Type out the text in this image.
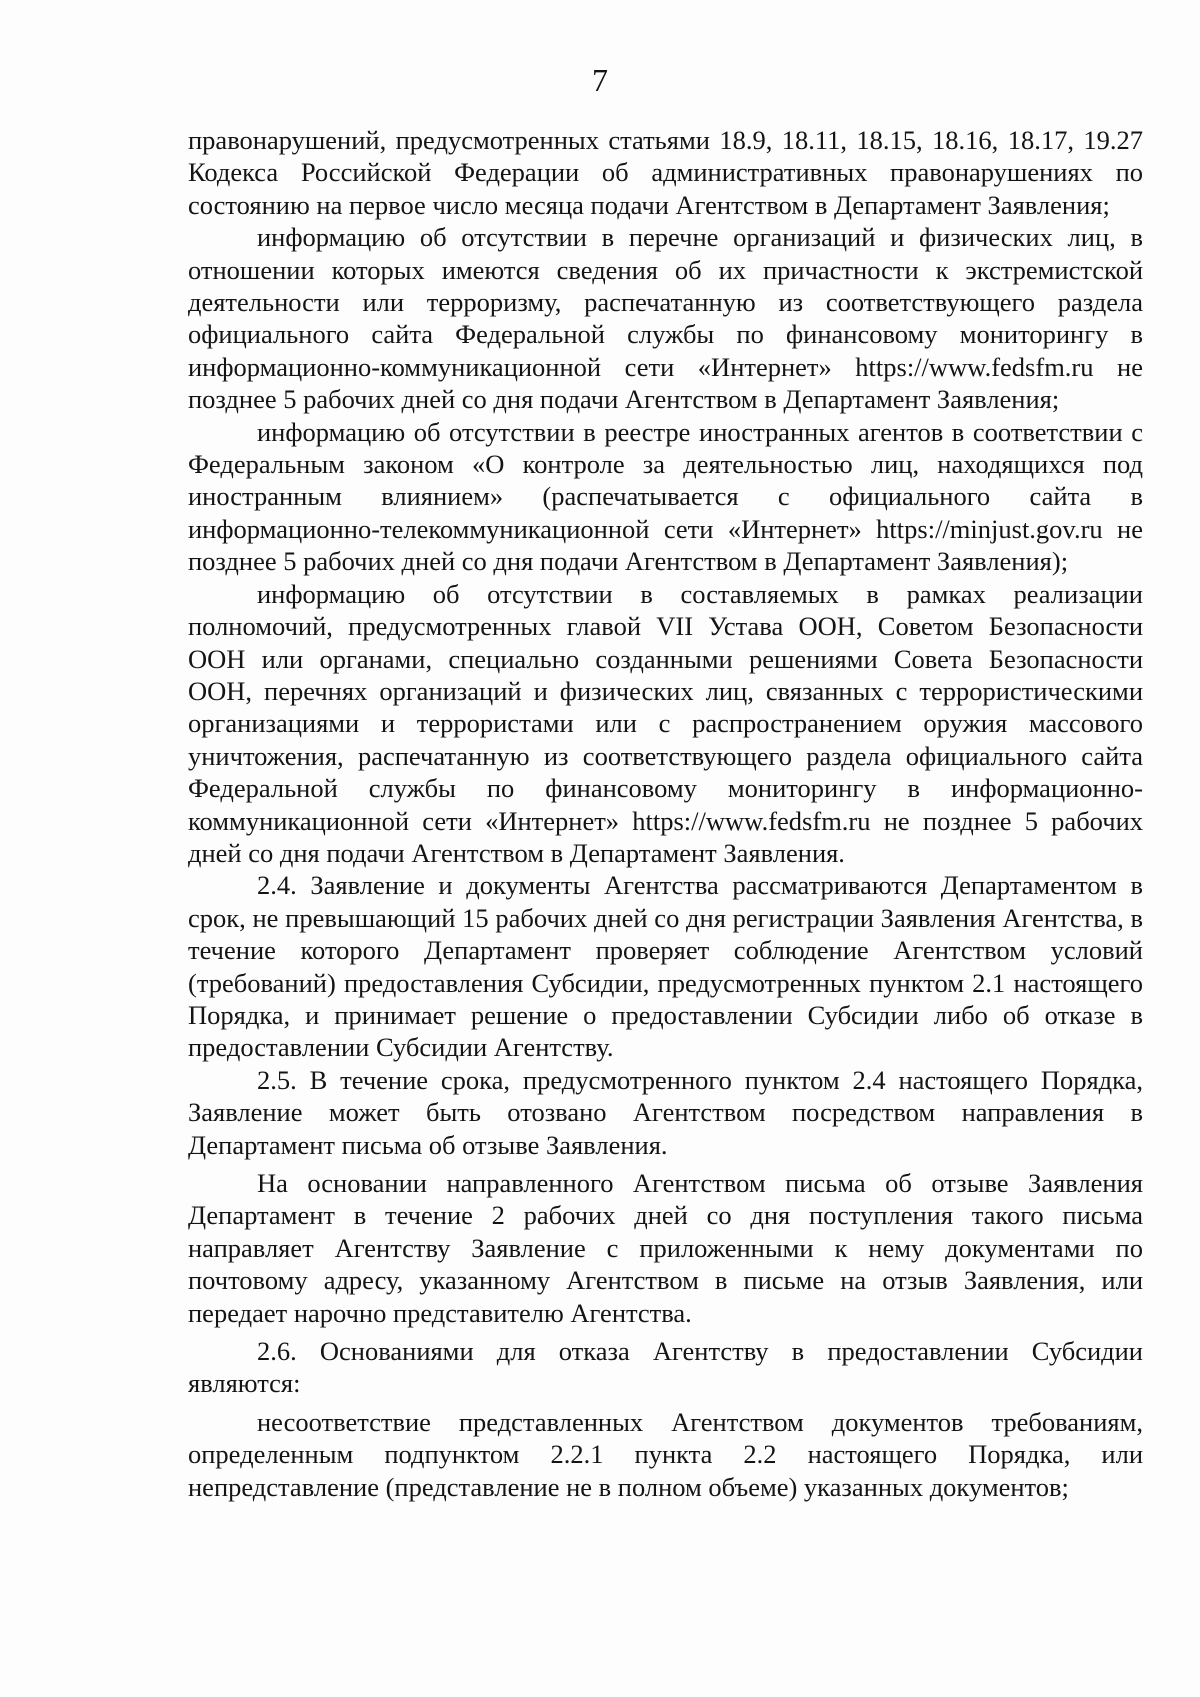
7

правонарушений, предусмотренных статьями 18.9, 18.11, 18.15, 18.16, 18.17, 19.27 Кодекса Российской Федерации об административных правонарушениях по состоянию на первое число месяца подачи Агентством в Департамент Заявления;

информацию об отсутствии в перечне организаций и физических лиц, в отношении которых имеются сведения об их причастности к экстремистской деятельности или терроризму, распечатанную из соответствующего раздела официального сайта Федеральной службы по финансовому мониторингу в информационно-коммуникационной сети «Интернет» https://www.fedsfm.ru не позднее 5 рабочих дней со дня подачи Агентством в Департамент Заявления;

информацию об отсутствии в реестре иностранных агентов в соответствии с Федеральным законом «О контроле за деятельностью лиц, находящихся под иностранным влиянием» (распечатывается с официального сайта в информационно-телекоммуникационной сети «Интернет» https://minjust.gov.ru не позднее 5 рабочих дней со дня подачи Агентством в Департамент Заявления);

информацию об отсутствии в составляемых в рамках реализации полномочий, предусмотренных главой VII Устава ООН, Советом Безопасности ООН или органами, специально созданными решениями Совета Безопасности ООН, перечнях организаций и физических лиц, связанных с террористическими организациями и террористами или с распространением оружия массового уничтожения, распечатанную из соответствующего раздела официального сайта Федеральной службы по финансовому мониторингу в информационно-коммуникационной сети «Интернет» https://www.fedsfm.ru не позднее 5 рабочих дней со дня подачи Агентством в Департамент Заявления.

2.4. Заявление и документы Агентства рассматриваются Департаментом в срок, не превышающий 15 рабочих дней со дня регистрации Заявления Агентства, в течение которого Департамент проверяет соблюдение Агентством условий (требований) предоставления Субсидии, предусмотренных пунктом 2.1 настоящего Порядка, и принимает решение о предоставлении Субсидии либо об отказе в предоставлении Субсидии Агентству.

2.5. В течение срока, предусмотренного пунктом 2.4 настоящего Порядка, Заявление может быть отозвано Агентством посредством направления в Департамент письма об отзыве Заявления.

На основании направленного Агентством письма об отзыве Заявления Департамент в течение 2 рабочих дней со дня поступления такого письма направляет Агентству Заявление с приложенными к нему документами по почтовому адресу, указанному Агентством в письме на отзыв Заявления, или передает нарочно представителю Агентства.

2.6. Основаниями для отказа Агентству в предоставлении Субсидии являются:

несоответствие представленных Агентством документов требованиям, определенным подпунктом 2.2.1 пункта 2.2 настоящего Порядка, или непредставление (представление не в полном объеме) указанных документов;
